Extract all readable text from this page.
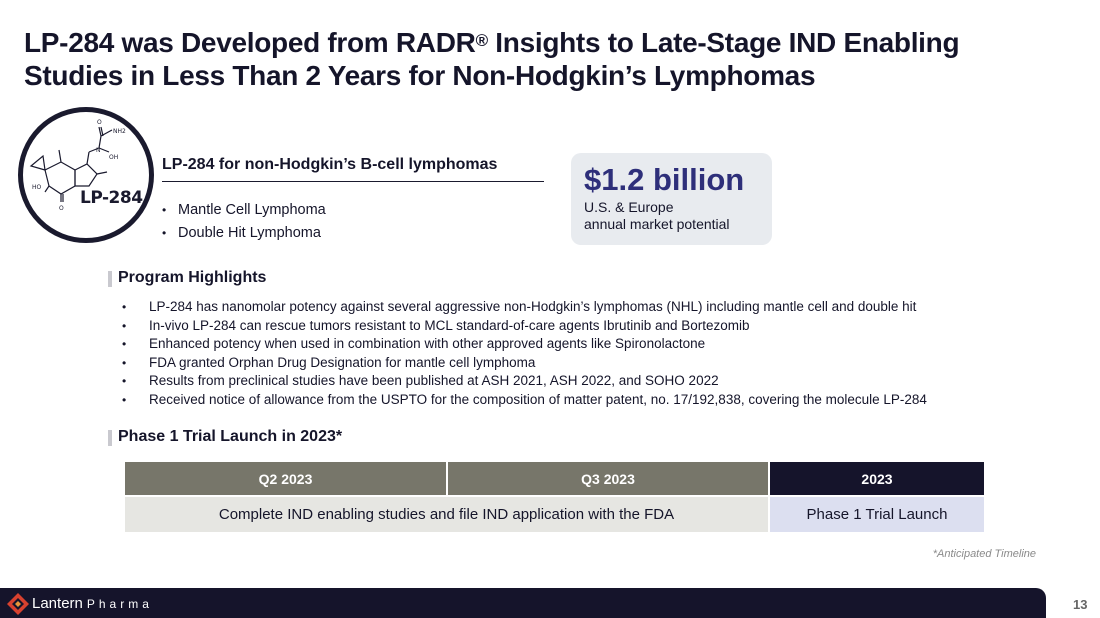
LP-284 was Developed from RADR® Insights to Late-Stage IND Enabling
Studies in Less Than 2 Years for Non-Hodgkin’s Lymphomas
O
NH2
N
OH
HO
O
LP-284
LP-284 for non-Hodgkin’s B-cell lymphomas
• Mantle Cell Lymphoma
• Double Hit Lymphoma
$1.2 billion
U.S. & Europe
annual market potential
Program Highlights
• LP-284 has nanomolar potency against several aggressive non-Hodgkin’s lymphomas (NHL) including mantle cell and double hit
• In-vivo LP-284 can rescue tumors resistant to MCL standard-of-care agents Ibrutinib and Bortezomib
• Enhanced potency when used in combination with other approved agents like Spironolactone
• FDA granted Orphan Drug Designation for mantle cell lymphoma
• Results from preclinical studies have been published at ASH 2021, ASH 2022, and SOHO 2022
• Received notice of allowance from the USPTO for the composition of matter patent, no. 17/192,838, covering the molecule LP-284
Phase 1 Trial Launch in 2023*
Q2 2023	Q3 2023	2023
Complete IND enabling studies and file IND application with the FDA		Phase 1 Trial Launch
*Anticipated Timeline
Lantern Pharma	13
